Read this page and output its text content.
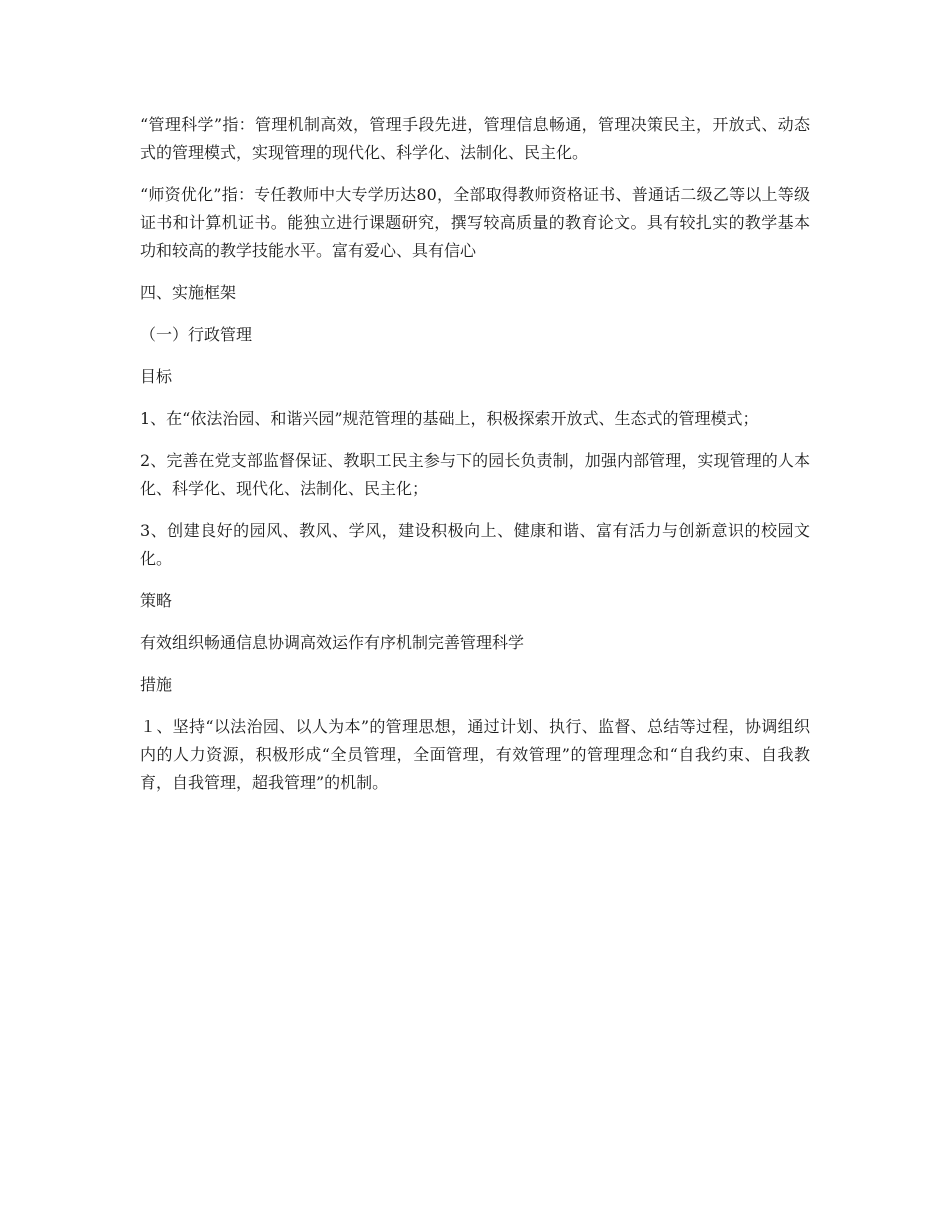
“管理科学”指：管理机制高效，管理手段先进，管理信息畅通，管理决策民主，开放式、动态式的管理模式，实现管理的现代化、科学化、法制化、民主化。

“师资优化”指：专任教师中大专学历达80，全部取得教师资格证书、普通话二级乙等以上等级证书和计算机证书。能独立进行课题研究，撰写较高质量的教育论文。具有较扎实的教学基本功和较高的教学技能水平。富有爱心、具有信心

四、实施框架

（一）行政管理

目标

1、在“依法治园、和谐兴园”规范管理的基础上，积极探索开放式、生态式的管理模式；

2、完善在党支部监督保证、教职工民主参与下的园长负责制，加强内部管理，实现管理的人本化、科学化、现代化、法制化、民主化；

3、创建良好的园风、教风、学风，建设积极向上、健康和谐、富有活力与创新意识的校园文化。

策略

有效组织畅通信息协调高效运作有序机制完善管理科学

措施

１、坚持“以法治园、以人为本”的管理思想，通过计划、执行、监督、总结等过程，协调组织内的人力资源，积极形成“全员管理，全面管理，有效管理”的管理理念和“自我约束、自我教育，自我管理，超我管理”的机制。
